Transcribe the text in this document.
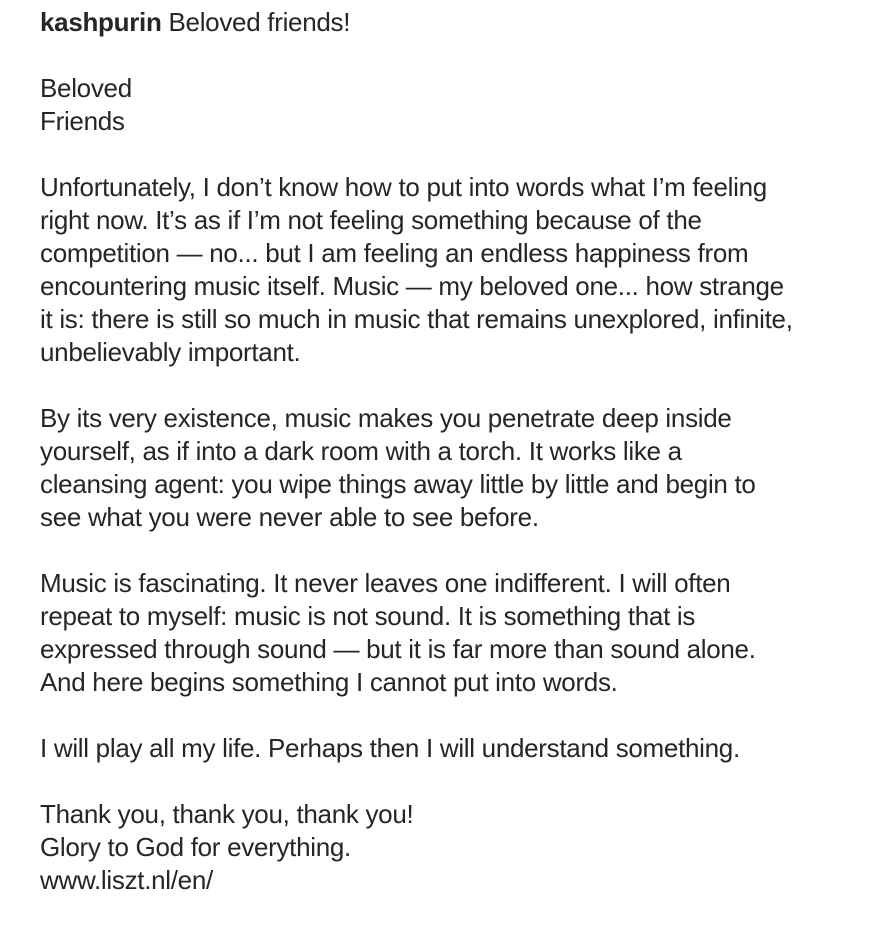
kashpurin Beloved friends!

Beloved
Friends
Unfortunately, I don’t know how to put into words what I’m feeling
right now. It’s as if I’m not feeling something because of the
competition — no... but I am feeling an endless happiness from
encountering music itself. Music — my beloved one... how strange
it is: there is still so much in music that remains unexplored, infinite,
unbelievably important.
By its very existence, music makes you penetrate deep inside
yourself, as if into a dark room with a torch. It works like a
cleansing agent: you wipe things away little by little and begin to
see what you were never able to see before.
Music is fascinating. It never leaves one indifferent. I will often
repeat to myself: music is not sound. It is something that is
expressed through sound — but it is far more than sound alone.
And here begins something I cannot put into words.
I will play all my life. Perhaps then I will understand something.
Thank you, thank you, thank you!
Glory to God for everything.

www.liszt.nl/en/
